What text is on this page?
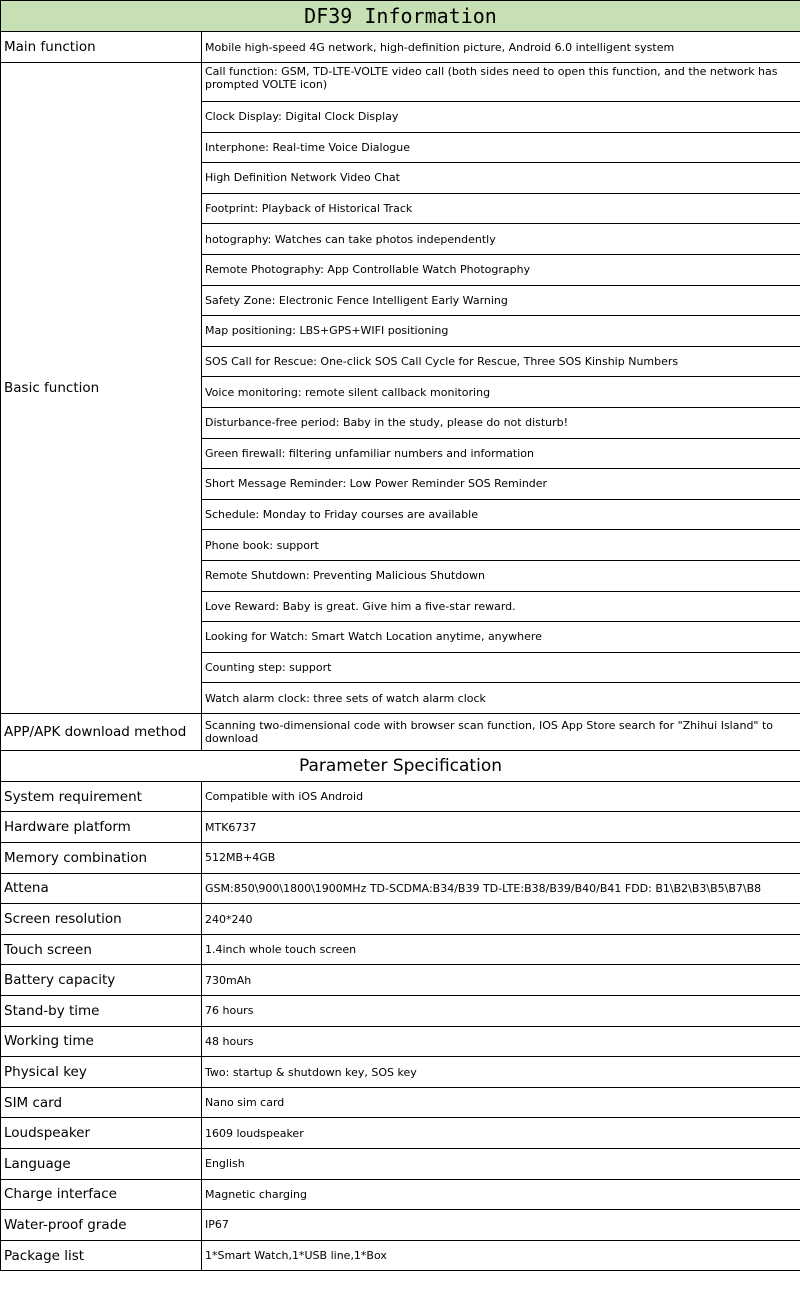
DF39 Information	
Main function	Mobile high-speed 4G network, high-definition picture, Android 6.0 intelligent system
Basic function	Call function: GSM, TD-LTE-VOLTE video call (both sides need to open this function, and the network has prompted VOLTE icon)
	Clock Display: Digital Clock Display
	Interphone: Real-time Voice Dialogue
	High Definition Network Video Chat
	Footprint: Playback of Historical Track
	hotography: Watches can take photos independently
	Remote Photography: App Controllable Watch Photography
	Safety Zone: Electronic Fence Intelligent Early Warning
	Map positioning: LBS+GPS+WIFI positioning
	SOS Call for Rescue: One-click SOS Call Cycle for Rescue, Three SOS Kinship Numbers
	Voice monitoring: remote silent callback monitoring
	Disturbance-free period: Baby in the study, please do not disturb!
	Green firewall: filtering unfamiliar numbers and information
	Short Message Reminder: Low Power Reminder SOS Reminder
	Schedule: Monday to Friday courses are available
	Phone book: support
	Remote Shutdown: Preventing Malicious Shutdown
	Love Reward: Baby is great. Give him a five-star reward.
	Looking for Watch: Smart Watch Location anytime, anywhere
	Counting step: support
	Watch alarm clock: three sets of watch alarm clock
APP/APK download method	Scanning two-dimensional code with browser scan function, IOS App Store search for "Zhihui Island" to download
Parameter Specification	
System requirement	Compatible with iOS Android
Hardware platform	MTK6737
Memory combination	512MB+4GB
Attena	GSM:850\900\1800\1900MHz TD-SCDMA:B34/B39 TD-LTE:B38/B39/B40/B41 FDD: B1\B2\B3\B5\B7\B8
Screen resolution	240*240
Touch screen	1.4inch whole touch screen
Battery capacity	730mAh
Stand-by time	76 hours
Working time	48 hours
Physical key	Two: startup & shutdown key, SOS key
SIM card	Nano sim card
Loudspeaker	1609 loudspeaker
Language	English
Charge interface	Magnetic charging
Water-proof grade	IP67
Package list	1*Smart Watch,1*USB line,1*Box
